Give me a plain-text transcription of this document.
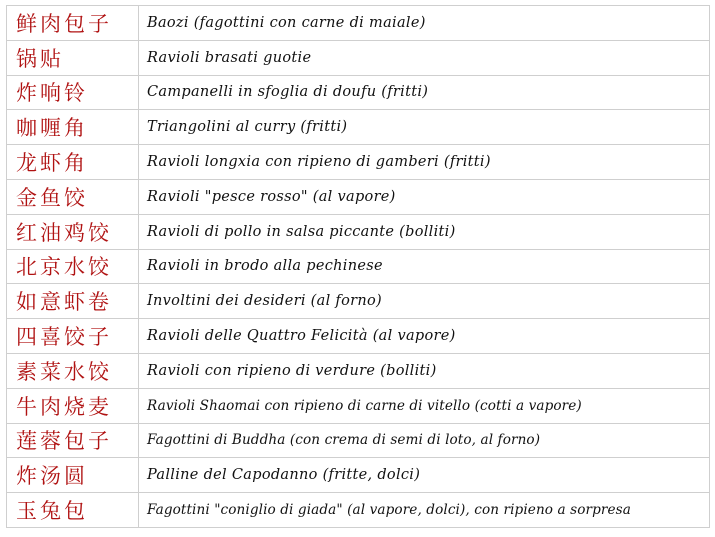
鲜肉包子	Baozi (fagottini con carne di maiale)
锅贴	Ravioli brasati guotie
炸响铃	Campanelli in sfoglia di doufu (fritti)
咖喱角	Triangolini al curry (fritti)
龙虾角	Ravioli longxia con ripieno di gamberi (fritti)
金鱼饺	Ravioli "pesce rosso" (al vapore)
红油鸡饺	Ravioli di pollo in salsa piccante (bolliti)
北京水饺	Ravioli in brodo alla pechinese
如意虾卷	Involtini dei desideri (al forno)
四喜饺子	Ravioli delle Quattro Felicità (al vapore)
素菜水饺	Ravioli con ripieno di verdure (bolliti)
牛肉烧麦	Ravioli Shaomai con ripieno di carne di vitello (cotti a vapore)
莲蓉包子	Fagottini di Buddha (con crema di semi di loto, al forno)
炸汤圆	Palline del Capodanno (fritte, dolci)
玉兔包	Fagottini "coniglio di giada" (al vapore, dolci), con ripieno a sorpresa
